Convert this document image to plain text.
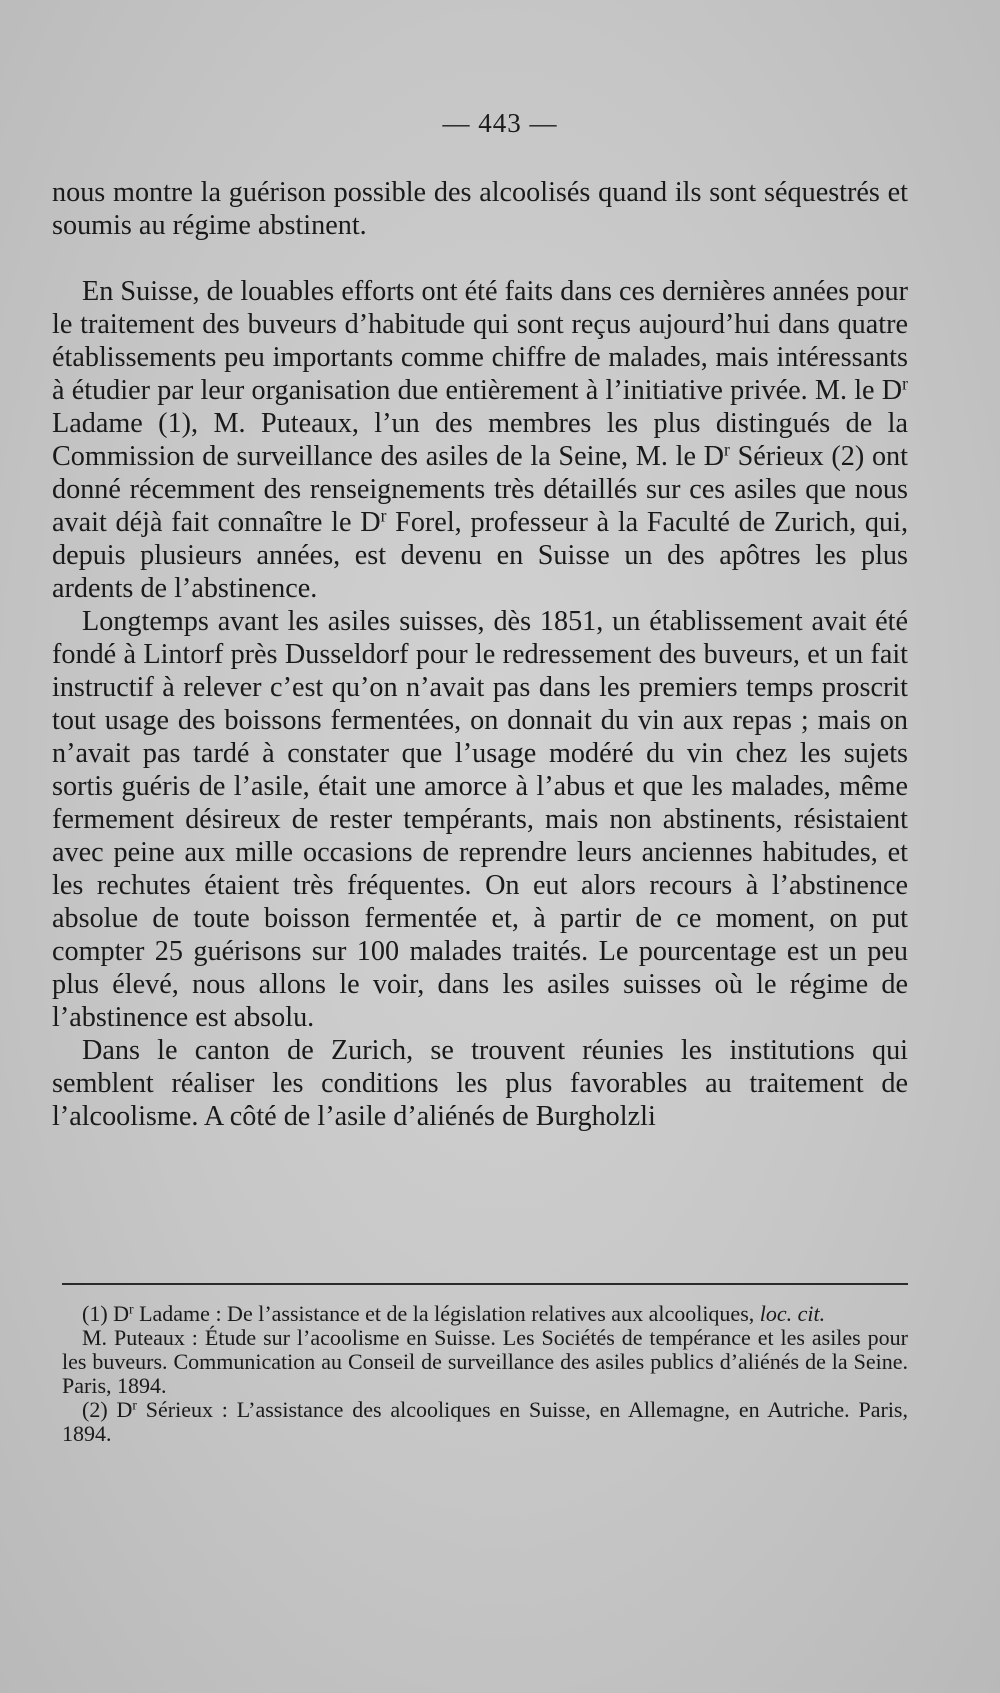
— 443 —

nous montre la guérison possible des alcoolisés quand ils sont séquestrés et soumis au régime abstinent.

En Suisse, de louables efforts ont été faits dans ces dernières années pour le traitement des buveurs d’habitude qui sont reçus aujourd’hui dans quatre établissements peu importants comme chiffre de malades, mais intéressants à étudier par leur organisation due entièrement à l’initiative privée. M. le $D^r$ Ladame (1), M. Puteaux, l’un des membres les plus distingués de la Commission de surveillance des asiles de la Seine, M. le $D^r$ Sérieux (2) ont donné récemment des renseignements très détaillés sur ces asiles que nous avait déjà fait connaître le $D^r$ Forel, professeur à la Faculté de Zurich, qui, depuis plusieurs années, est devenu en Suisse un des apôtres les plus ardents de l’abstinence.

Longtemps avant les asiles suisses, dès 1851, un établissement avait été fondé à Lintorf près Dusseldorf pour le redressement des buveurs, et un fait instructif à relever c’est qu’on n’avait pas dans les premiers temps proscrit tout usage des boissons fermentées, on donnait du vin aux repas ; mais on n’avait pas tardé à constater que l’usage modéré du vin chez les sujets sortis guéris de l’asile, était une amorce à l’abus et que les malades, même fermement désireux de rester tempérants, mais non abstinents, résistaient avec peine aux mille occasions de reprendre leurs anciennes habitudes, et les rechutes étaient très fréquentes. On eut alors recours à l’abstinence absolue de toute boisson fermentée et, à partir de ce moment, on put compter 25 guérisons sur 100 malades traités. Le pourcentage est un peu plus élevé, nous allons le voir, dans les asiles suisses où le régime de l’abstinence est absolu.

Dans le canton de Zurich, se trouvent réunies les institutions qui semblent réaliser les conditions les plus favorables au traitement de l’alcoolisme. A côté de l’asile d’aliénés de Burgholzli

(1) $D^r$ Ladame : De l’assistance et de la législation relatives aux alcooliques, loc. cit.

M. Puteaux : Étude sur l’acoolisme en Suisse. Les Sociétés de tempérance et les asiles pour les buveurs. Communication au Conseil de surveillance des asiles publics d’aliénés de la Seine. Paris, 1894.

(2) $D^r$ Sérieux : L’assistance des alcooliques en Suisse, en Allemagne, en Autriche. Paris, 1894.
